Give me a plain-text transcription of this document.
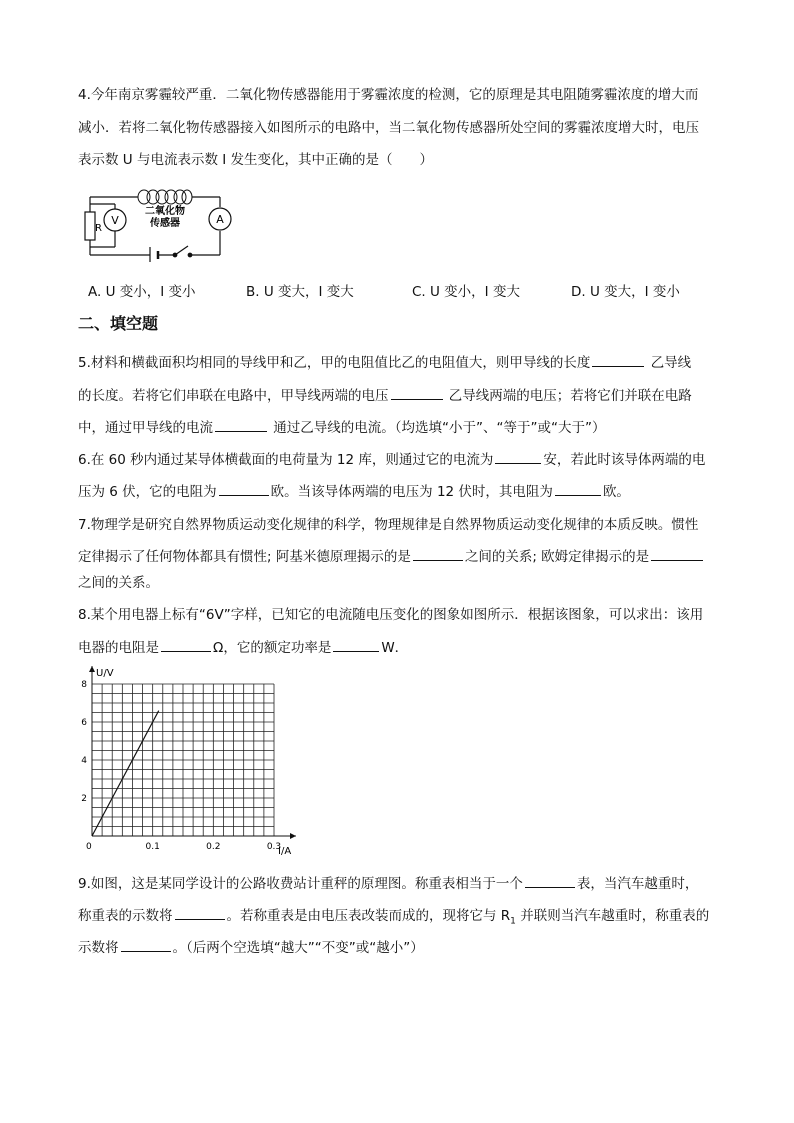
4.今年南京雾霾较严重．二氧化物传感器能用于雾霾浓度的检测，它的原理是其电阻随雾霾浓度的增大而
减小．若将二氧化物传感器接入如图所示的电路中，当二氧化物传感器所处空间的雾霾浓度增大时，电压
表示数 U 与电流表示数 I 发生变化，其中正确的是（　　）
R
V
二氧化物
传感器	A
A. U 变小，I 变小	B. U 变大，I 变大	C. U 变小，I 变大	D. U 变大，I 变小
二、填空题
5.材料和横截面积均相同的导线甲和乙，甲的电阻值比乙的电阻值大，则甲导线的长度	乙导线
的长度。若将它们串联在电路中，甲导线两端的电压	乙导线两端的电压；若将它们并联在电路
中，通过甲导线的电流	通过乙导线的电流。（均选填“小于”、“等于”或“大于”）
6.在 60 秒内通过某导体横截面的电荷量为 12 库，则通过它的电流为	安，若此时该导体两端的电
压为 6 伏，它的电阻为	欧。当该导体两端的电压为 12 伏时，其电阻为	欧。
7.物理学是研究自然界物质运动变化规律的科学，物理规律是自然界物质运动变化规律的本质反映。惯性
定律揭示了任何物体都具有惯性; 阿基米德原理揭示的是	之间的关系; 欧姆定律揭示的是
之间的关系。
8.某个用电器上标有“6V”字样，已知它的电流随电压变化的图象如图所示．根据该图象，可以求出：该用
电器的电阻是	Ω，它的额定功率是	W．
0.1	0.2	0.3
2
4
6
8
U/V
I/A
0
9.如图，这是某同学设计的公路收费站计重秤的原理图。称重表相当于一个	表，当汽车越重时，
称重表的示数将	。若称重表是由电压表改装而成的，现将它与 $R_1$ 并联则当汽车越重时，称重表的
示数将	。（后两个空选填“越大”“不变”或“越小”）
